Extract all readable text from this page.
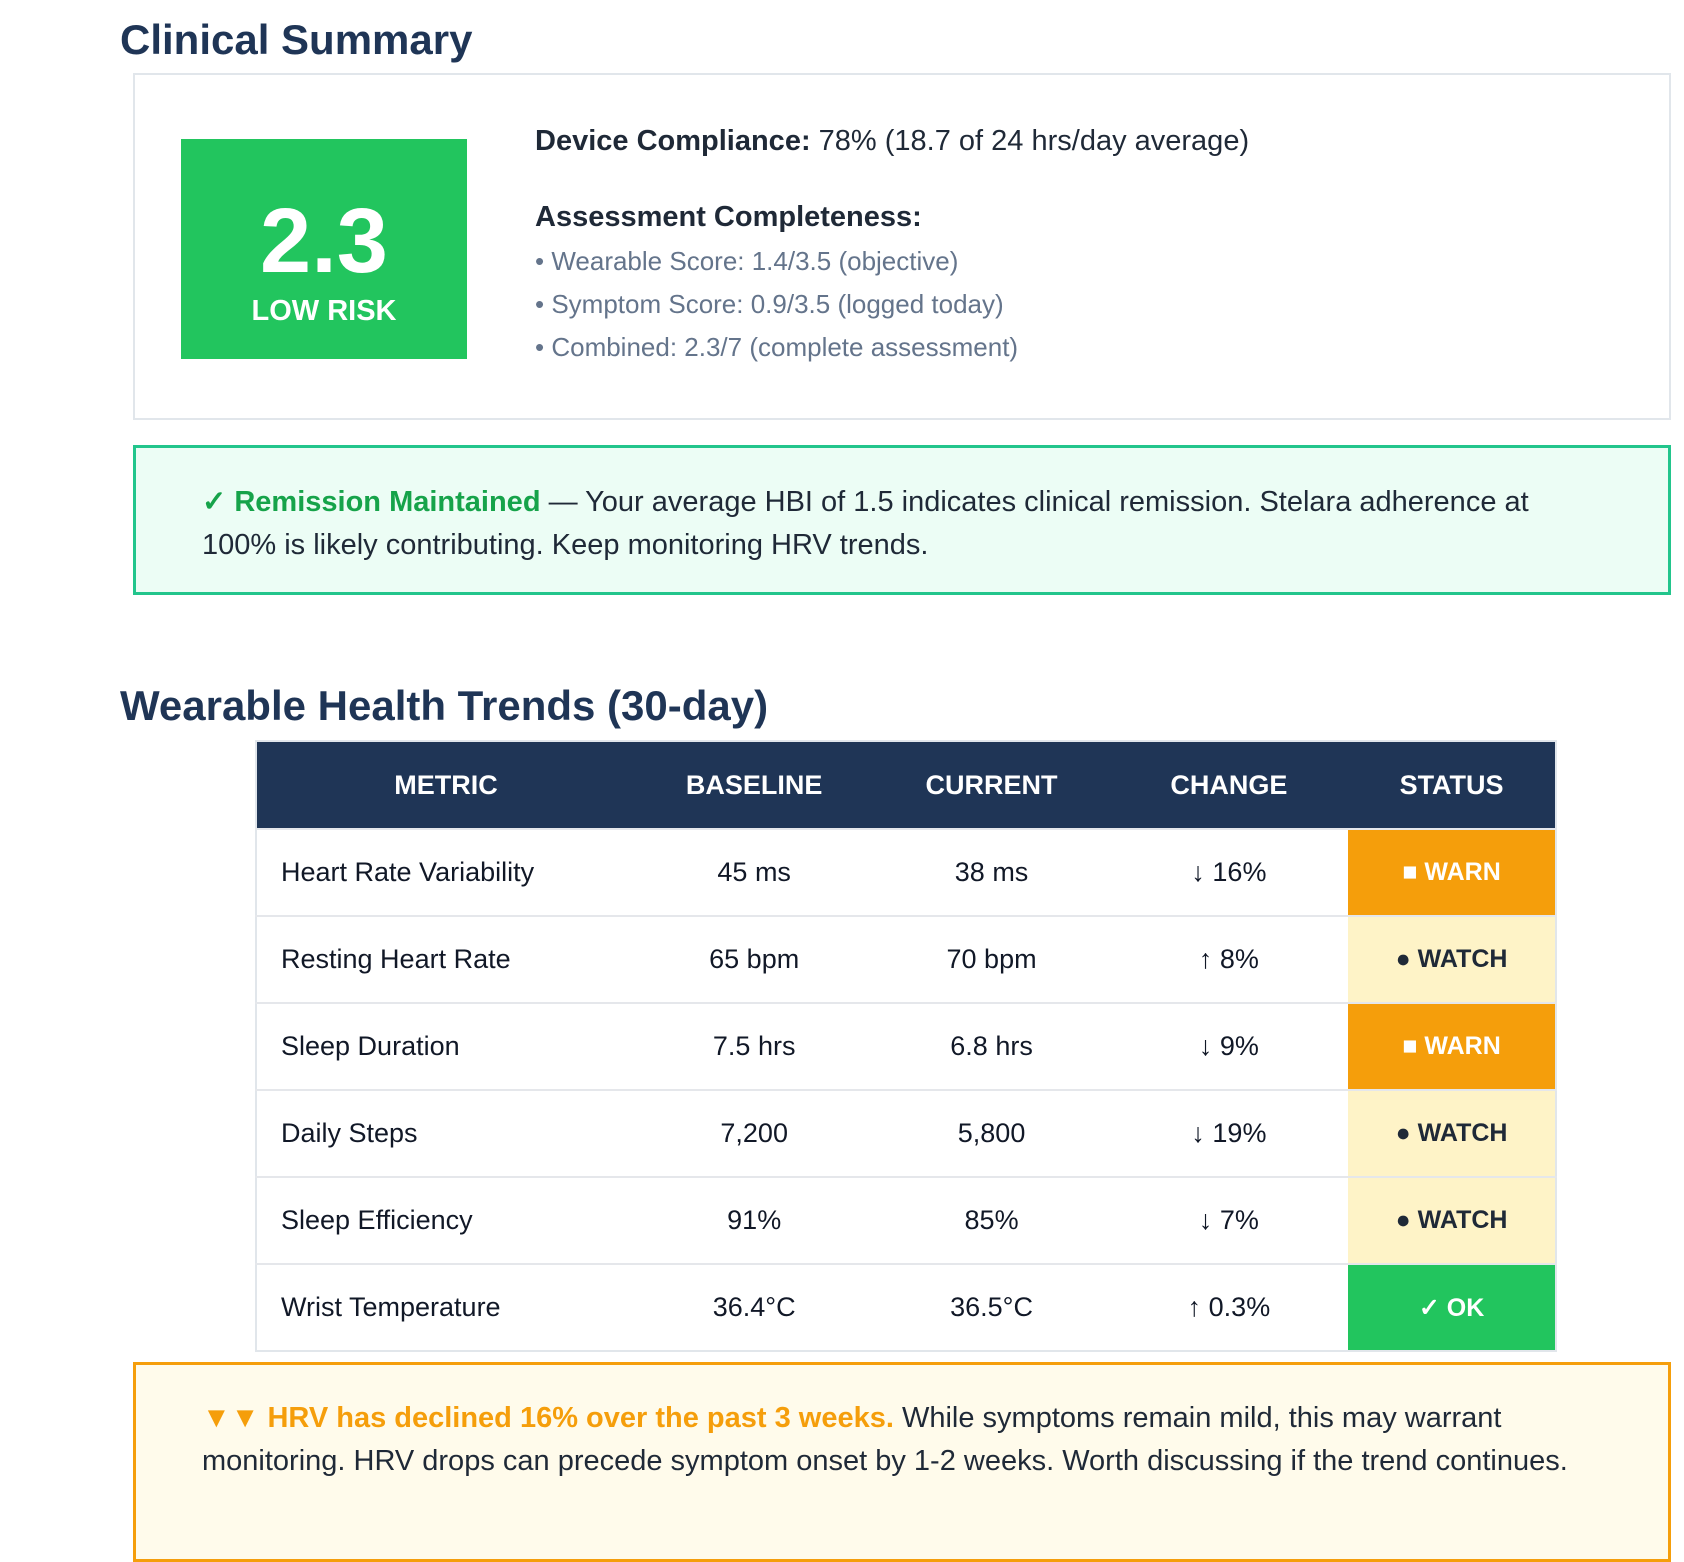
Clinical Summary
2.3
LOW RISK

Device Compliance: 78% (18.7 of 24 hrs/day average)

Assessment Completeness:

• Wearable Score: 1.4/3.5 (objective)

• Symptom Score: 0.9/3.5 (logged today)

• Combined: 2.3/7 (complete assessment)

✓ Remission Maintained — Your average HBI of 1.5 indicates clinical remission. Stelara adherence at 100% is likely contributing. Keep monitoring HRV trends.
Wearable Health Trends (30-day)
METRIC	BASELINE	CURRENT	CHANGE	STATUS
Heart Rate Variability	45 ms	38 ms	↓ 16%	■ WARN
Resting Heart Rate	65 bpm	70 bpm	↑ 8%	● WATCH
Sleep Duration	7.5 hrs	6.8 hrs	↓ 9%	■ WARN
Daily Steps	7,200	5,800	↓ 19%	● WATCH
Sleep Efficiency	91%	85%	↓ 7%	● WATCH
Wrist Temperature	36.4°C	36.5°C	↑ 0.3%	✓ OK
▼▼ HRV has declined 16% over the past 3 weeks. While symptoms remain mild, this may warrant monitoring. HRV drops can precede symptom onset by 1-2 weeks. Worth discussing if the trend continues.
